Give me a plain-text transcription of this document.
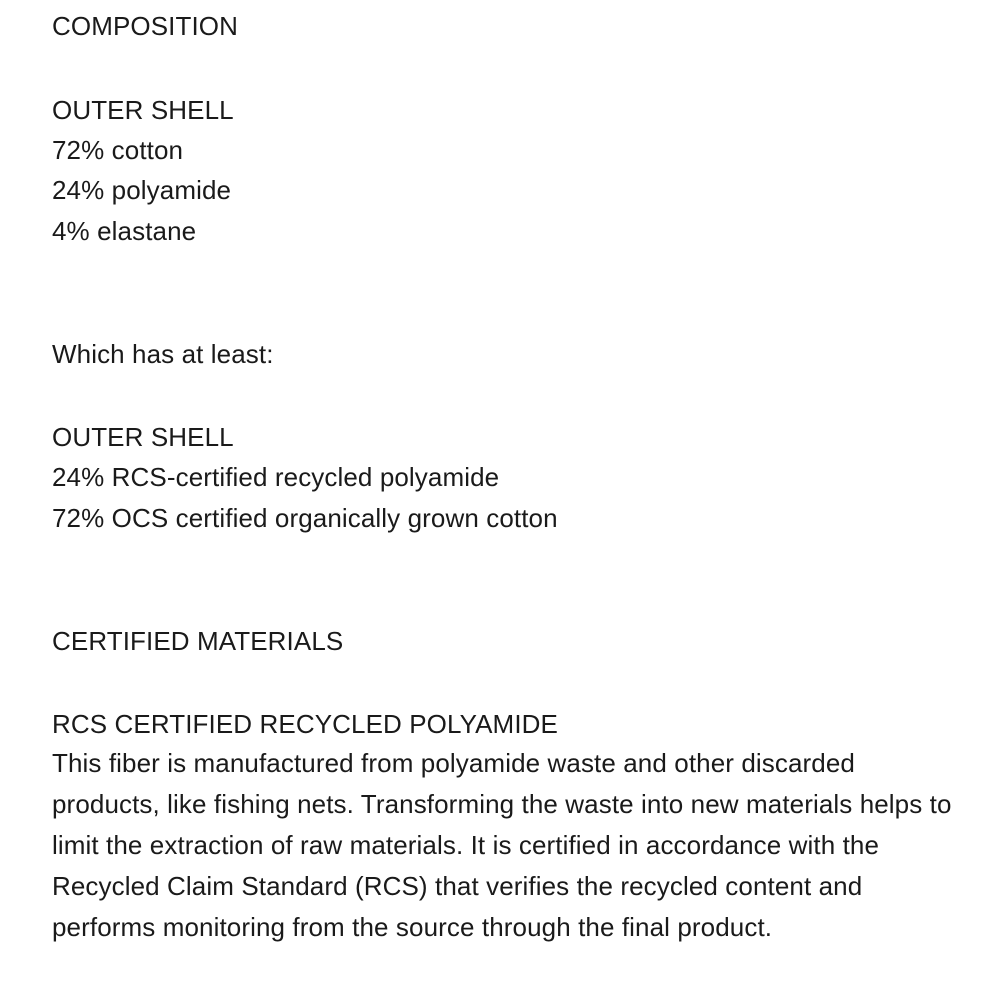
COMPOSITION
OUTER SHELL
72% cotton
24% polyamide
4% elastane
Which has at least:
OUTER SHELL
24% RCS-certified recycled polyamide
72% OCS certified organically grown cotton
CERTIFIED MATERIALS
RCS CERTIFIED RECYCLED POLYAMIDE
This fiber is manufactured from polyamide waste and other discarded products, like fishing nets. Transforming the waste into new materials helps to limit the extraction of raw materials. It is certified in accordance with the Recycled Claim Standard (RCS) that verifies the recycled content and performs monitoring from the source through the final product.
